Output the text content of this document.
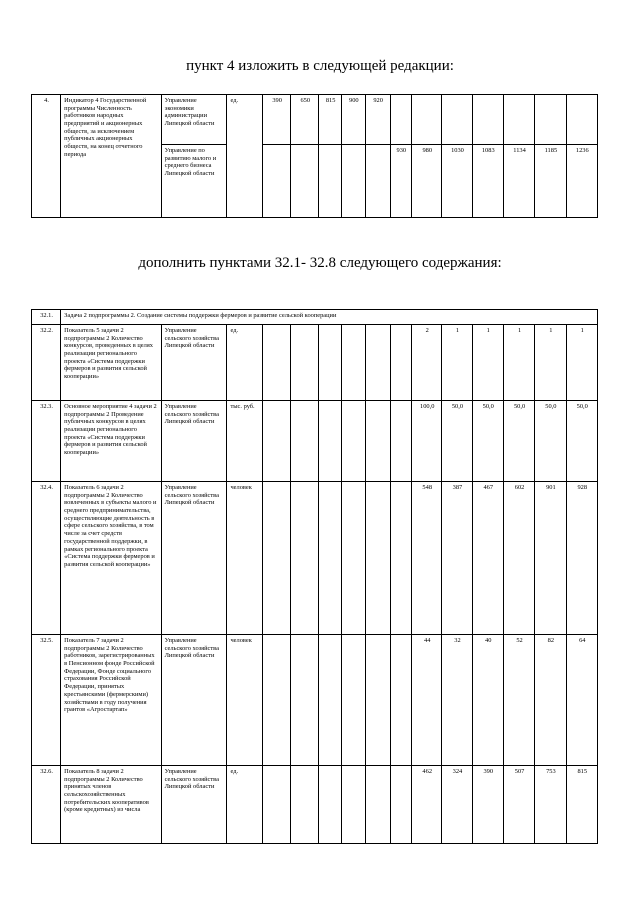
пункт 4 изложить в следующей редакции:
4.	Индикатор 4 Государственной программы Численность работников народных предприятий и акционерных обществ, за исключением публичных акционерных обществ, на конец отчетного периода	Управление экономики администрации Липецкой области	ед.	390	650	815	900	920							
		Управление по развитию малого и среднего бизнеса Липецкой области							930	980	1030	1083	1134	1185	1236
дополнить пунктами 32.1- 32.8 следующего содержания:
32.1.	Задача 2 подпрограммы 2. Создание системы поддержки фермеров и развитие сельской кооперации														
32.2.	Показатель 5 задачи 2 подпрограммы 2 Количество конкурсов, проведенных в целях реализации регионального проекта «Система поддержки фермеров и развития сельской кооперации»	Управление сельского хозяйства Липецкой области	ед.							2	1	1	1	1	1
32.3.	Основное мероприятие 4 задачи 2 подпрограммы 2 Проведение публичных конкурсов в целях реализации регионального проекта «Система поддержки фермеров и развития сельской кооперации»	Управление сельского хозяйства Липецкой области	тыс. руб.							100,0	50,0	50,0	50,0	50,0	50,0
32.4.	Показатель 6 задачи 2 подпрограммы 2 Количество вовлеченных в субъекты малого и среднего предпринимательства, осуществляющие деятельность в сфере сельского хозяйства, в том числе за счет средств государственной поддержки, в рамках регионального проекта «Система поддержки фермеров и развития сельской кооперации»	Управление сельского хозяйства Липецкой области	человек							548	387	467	602	901	928
32.5.	Показатель 7 задачи 2 подпрограммы 2 Количество работников, зарегистрированных в Пенсионном фонде Российской Федерации, Фонде социального страхования Российской Федерации, принятых крестьянскими (фермерскими) хозяйствами в году получения грантов «Агростартап»	Управление сельского хозяйства Липецкой области	человек							44	32	40	52	82	64
32.6.	Показатель 8 задачи 2 подпрограммы 2 Количество принятых членов сельскохозяйственных потребительских кооперативов (кроме кредитных) из числа	Управление сельского хозяйства Липецкой области	ед.							462	324	390	507	753	815
